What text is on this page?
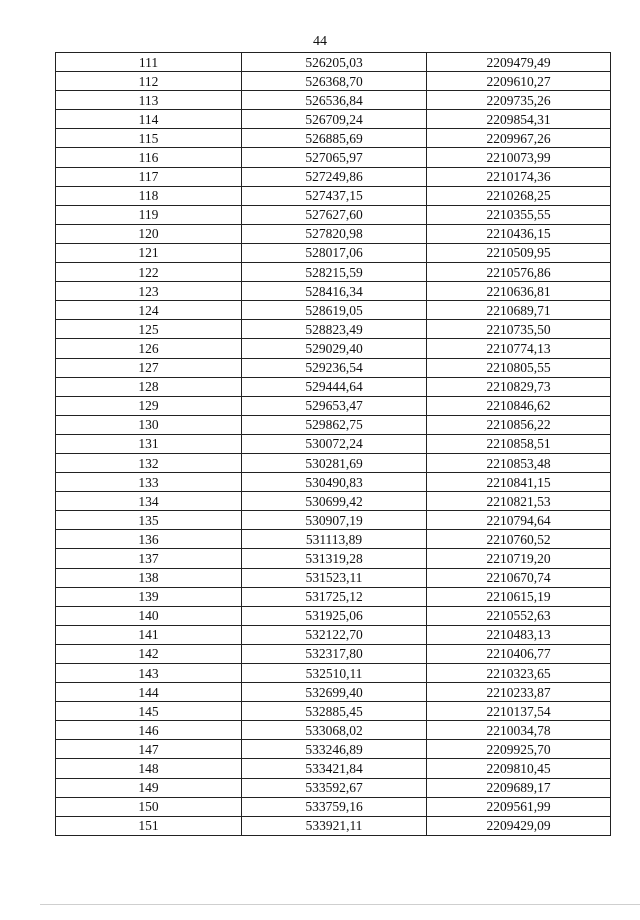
44
111	526205,03	2209479,49
112	526368,70	2209610,27
113	526536,84	2209735,26
114	526709,24	2209854,31
115	526885,69	2209967,26
116	527065,97	2210073,99
117	527249,86	2210174,36
118	527437,15	2210268,25
119	527627,60	2210355,55
120	527820,98	2210436,15
121	528017,06	2210509,95
122	528215,59	2210576,86
123	528416,34	2210636,81
124	528619,05	2210689,71
125	528823,49	2210735,50
126	529029,40	2210774,13
127	529236,54	2210805,55
128	529444,64	2210829,73
129	529653,47	2210846,62
130	529862,75	2210856,22
131	530072,24	2210858,51
132	530281,69	2210853,48
133	530490,83	2210841,15
134	530699,42	2210821,53
135	530907,19	2210794,64
136	531113,89	2210760,52
137	531319,28	2210719,20
138	531523,11	2210670,74
139	531725,12	2210615,19
140	531925,06	2210552,63
141	532122,70	2210483,13
142	532317,80	2210406,77
143	532510,11	2210323,65
144	532699,40	2210233,87
145	532885,45	2210137,54
146	533068,02	2210034,78
147	533246,89	2209925,70
148	533421,84	2209810,45
149	533592,67	2209689,17
150	533759,16	2209561,99
151	533921,11	2209429,09
